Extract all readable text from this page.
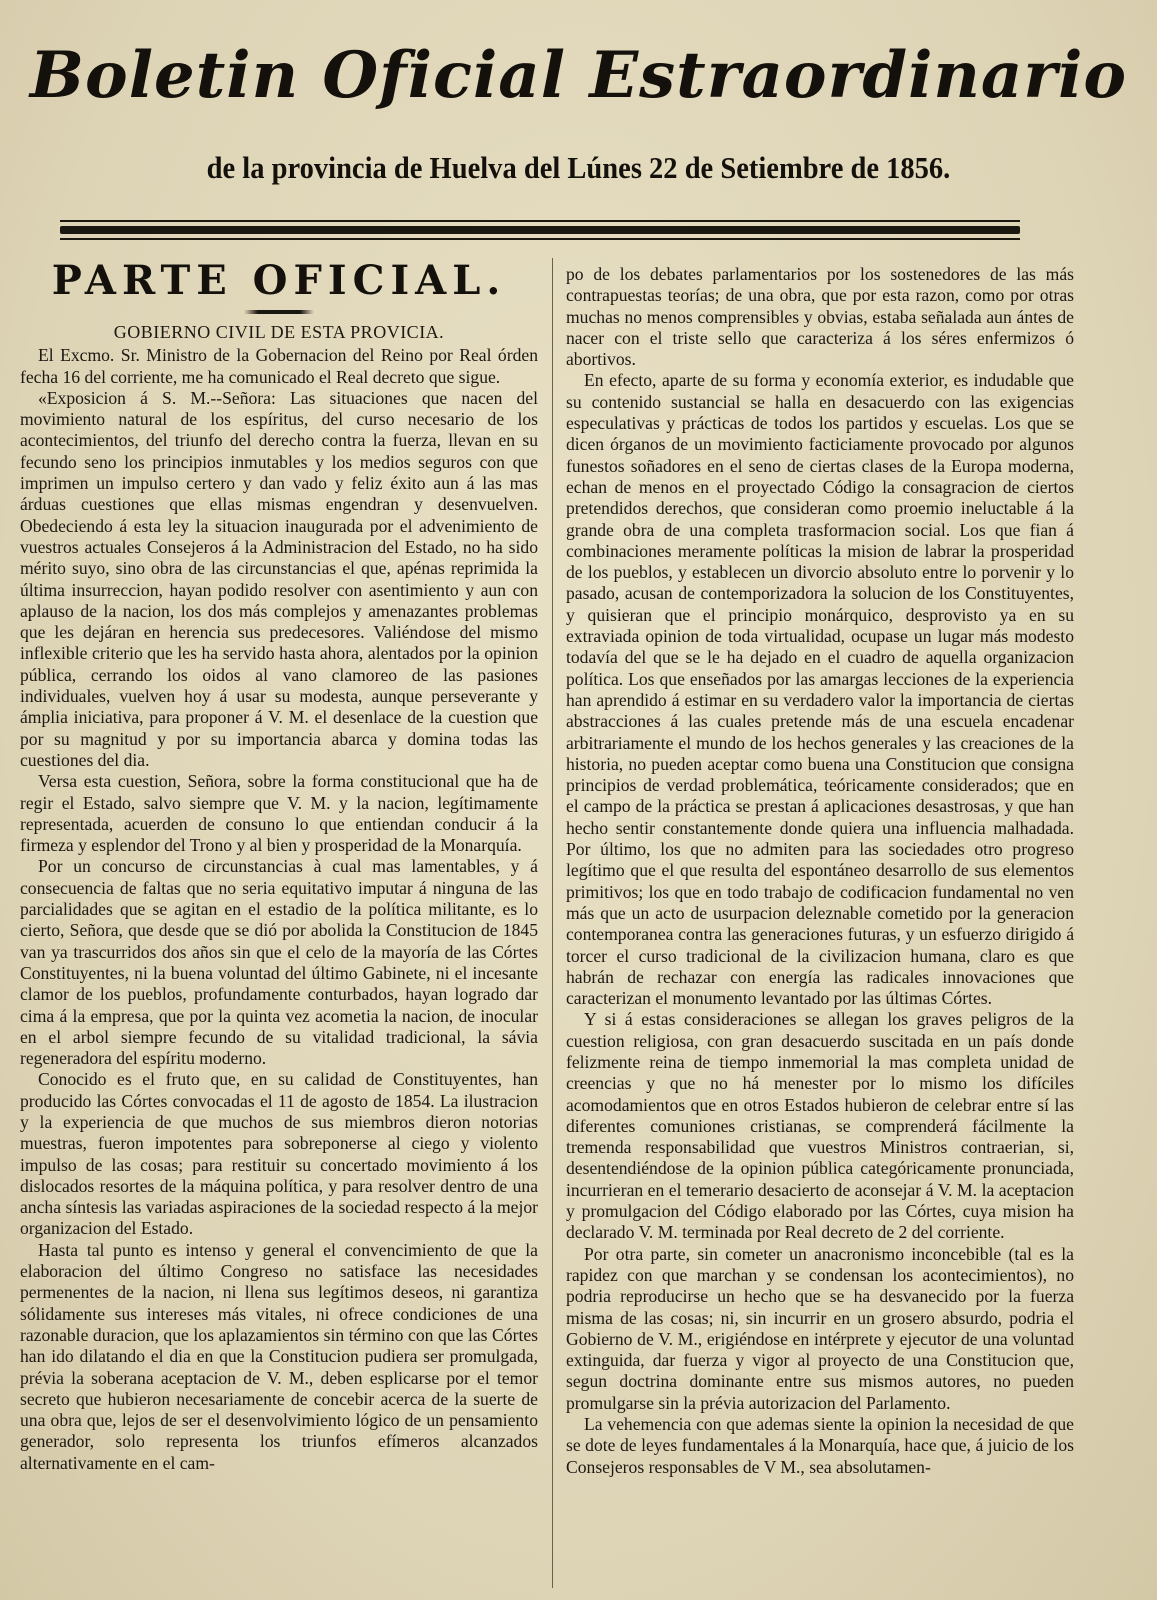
Boletin Oficial Estraordinario
de la provincia de Huelva del Lúnes 22 de Setiembre de 1856.
PARTE OFICIAL.
GOBIERNO CIVIL DE ESTA PROVICIA.

El Excmo. Sr. Ministro de la Gobernacion del Reino por Real órden fecha 16 del corriente, me ha comunicado el Real decreto que sigue.

«Exposicion á S. M.--Señora: Las situaciones que nacen del movimiento natural de los espíritus, del curso necesario de los acontecimientos, del triunfo del derecho contra la fuerza, llevan en su fecundo seno los principios inmutables y los medios seguros con que imprimen un impulso certero y dan vado y feliz éxito aun á las mas árduas cuestiones que ellas mismas engendran y desenvuelven. Obedeciendo á esta ley la situacion inaugurada por el advenimiento de vuestros actuales Consejeros á la Administracion del Estado, no ha sido mérito suyo, sino obra de las circunstancias el que, apénas reprimida la última insurreccion, hayan podido resolver con asentimiento y aun con aplauso de la nacion, los dos más complejos y amenazantes problemas que les dejáran en herencia sus predecesores. Valiéndose del mismo inflexible criterio que les ha servido hasta ahora, alentados por la opinion pública, cerrando los oidos al vano clamoreo de las pasiones individuales, vuelven hoy á usar su modesta, aunque perseverante y ámplia iniciativa, para proponer á V. M. el desenlace de la cuestion que por su magnitud y por su importancia abarca y domina todas las cuestiones del dia.

Versa esta cuestion, Señora, sobre la forma constitucional que ha de regir el Estado, salvo siempre que V. M. y la nacion, legítimamente representada, acuerden de consuno lo que entiendan conducir á la firmeza y esplendor del Trono y al bien y prosperidad de la Monarquía.

Por un concurso de circunstancias à cual mas lamentables, y á consecuencia de faltas que no seria equitativo imputar á ninguna de las parcialidades que se agitan en el estadio de la política militante, es lo cierto, Señora, que desde que se dió por abolida la Constitucion de 1845 van ya trascurridos dos años sin que el celo de la mayoría de las Córtes Constituyentes, ni la buena voluntad del último Gabinete, ni el incesante clamor de los pueblos, profundamente conturbados, hayan logrado dar cima á la empresa, que por la quinta vez acometia la nacion, de inocular en el arbol siempre fecundo de su vitalidad tradicional, la sávia regeneradora del espíritu moderno.

Conocido es el fruto que, en su calidad de Constituyentes, han producido las Córtes convocadas el 11 de agosto de 1854. La ilustracion y la experiencia de que muchos de sus miembros dieron notorias muestras, fueron impotentes para sobreponerse al ciego y violento impulso de las cosas; para restituir su concertado movimiento á los dislocados resortes de la máquina política, y para resolver dentro de una ancha síntesis las variadas aspiraciones de la sociedad respecto á la mejor organizacion del Estado.

Hasta tal punto es intenso y general el convencimiento de que la elaboracion del último Congreso no satisface las necesidades permenentes de la nacion, ni llena sus legítimos deseos, ni garantiza sólidamente sus intereses más vitales, ni ofrece condiciones de una razonable duracion, que los aplazamientos sin término con que las Córtes han ido dilatando el dia en que la Constitucion pudiera ser promulgada, prévia la soberana aceptacion de V. M., deben esplicarse por el temor secreto que hubieron necesariamente de concebir acerca de la suerte de una obra que, lejos de ser el desenvolvimiento lógico de un pensamiento generador, solo representa los triunfos efímeros alcanzados alternativamente en el cam-

po de los debates parlamentarios por los sostenedores de las más contrapuestas teorías; de una obra, que por esta razon, como por otras muchas no menos comprensibles y obvias, estaba señalada aun ántes de nacer con el triste sello que caracteriza á los séres enfermizos ó abortivos.

En efecto, aparte de su forma y economía exterior, es indudable que su contenido sustancial se halla en desacuerdo con las exigencias especulativas y prácticas de todos los partidos y escuelas. Los que se dicen órganos de un movimiento facticiamente provocado por algunos funestos soñadores en el seno de ciertas clases de la Europa moderna, echan de menos en el proyectado Código la consagracion de ciertos pretendidos derechos, que consideran como proemio ineluctable á la grande obra de una completa trasformacion social. Los que fian á combinaciones meramente políticas la mision de labrar la prosperidad de los pueblos, y establecen un divorcio absoluto entre lo porvenir y lo pasado, acusan de contemporizadora la solucion de los Constituyentes, y quisieran que el principio monárquico, desprovisto ya en su extraviada opinion de toda virtualidad, ocupase un lugar más modesto todavía del que se le ha dejado en el cuadro de aquella organizacion política. Los que enseñados por las amargas lecciones de la experiencia han aprendido á estimar en su verdadero valor la importancia de ciertas abstracciones á las cuales pretende más de una escuela encadenar arbitrariamente el mundo de los hechos generales y las creaciones de la historia, no pueden aceptar como buena una Constitucion que consigna principios de verdad problemática, teóricamente considerados; que en el campo de la práctica se prestan á aplicaciones desastrosas, y que han hecho sentir constantemente donde quiera una influencia malhadada. Por último, los que no admiten para las sociedades otro progreso legítimo que el que resulta del espontáneo desarrollo de sus elementos primitivos; los que en todo trabajo de codificacion fundamental no ven más que un acto de usurpacion deleznable cometido por la generacion contemporanea contra las generaciones futuras, y un esfuerzo dirigido á torcer el curso tradicional de la civilizacion humana, claro es que habrán de rechazar con energía las radicales innovaciones que caracterizan el monumento levantado por las últimas Córtes.

Y si á estas consideraciones se allegan los graves peligros de la cuestion religiosa, con gran desacuerdo suscitada en un país donde felizmente reina de tiempo inmemorial la mas completa unidad de creencias y que no há menester por lo mismo los difíciles acomodamientos que en otros Estados hubieron de celebrar entre sí las diferentes comuniones cristianas, se comprenderá fácilmente la tremenda responsabilidad que vuestros Ministros contraerian, si, desentendiéndose de la opinion pública categóricamente pronunciada, incurrieran en el temerario desacierto de aconsejar á V. M. la aceptacion y promulgacion del Código elaborado por las Córtes, cuya mision ha declarado V. M. terminada por Real decreto de 2 del corriente.

Por otra parte, sin cometer un anacronismo inconcebible (tal es la rapidez con que marchan y se condensan los acontecimientos), no podria reproducirse un hecho que se ha desvanecido por la fuerza misma de las cosas; ni, sin incurrir en un grosero absurdo, podria el Gobierno de V. M., erigiéndose en intérprete y ejecutor de una voluntad extinguida, dar fuerza y vigor al proyecto de una Constitucion que, segun doctrina dominante entre sus mismos autores, no pueden promulgarse sin la prévia autorizacion del Parlamento.

La vehemencia con que ademas siente la opinion la necesidad de que se dote de leyes fundamentales á la Monarquía, hace que, á juicio de los Consejeros responsables de V M., sea absolutamen-
